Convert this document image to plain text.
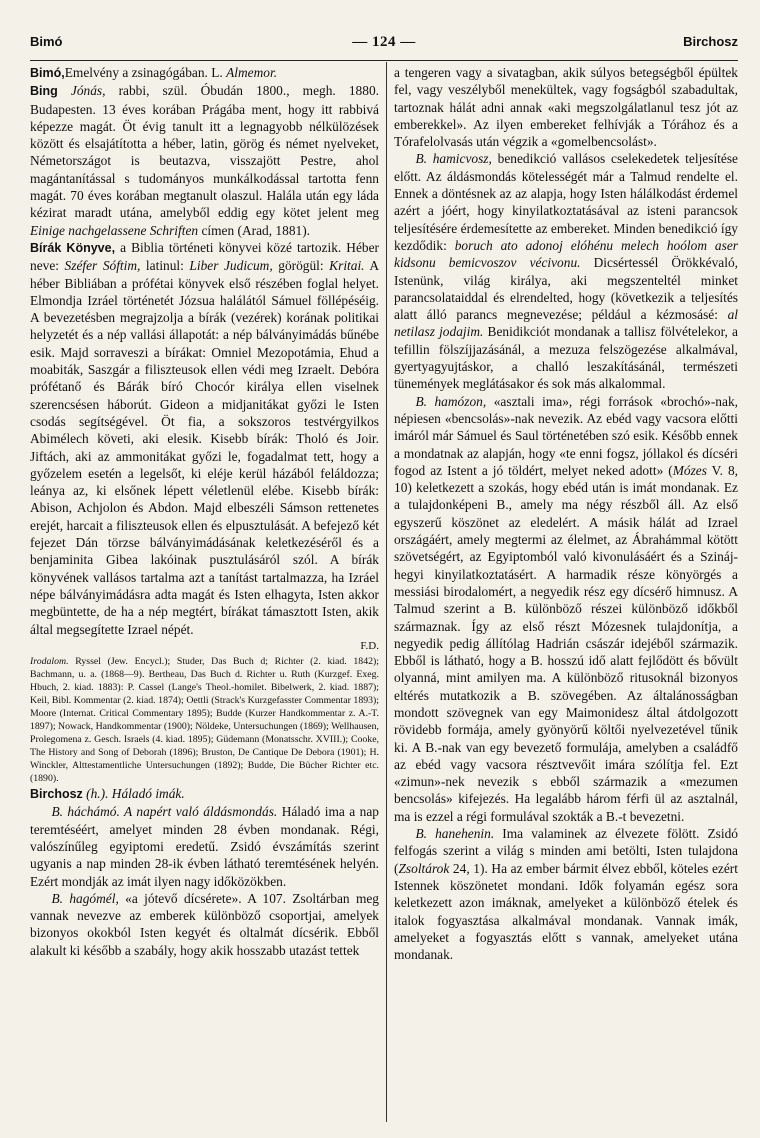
Bimó	— 124 —	Birchosz

Bimó,Emelvény a zsinagógában. L. Almemor.

Bing Jónás, rabbi, szül. Óbudán 1800., megh. 1880. Budapesten. 13 éves korában Prágába ment, hogy itt rabbivá képezze magát. Öt évig tanult itt a legnagyobb nélkülözések között és elsajátította a héber, latin, görög és német nyelveket, Németországot is beutazva, visszajött Pestre, ahol magántanítással s tudományos munkálkodással tartotta fenn magát. 70 éves korában megtanult olaszul. Halála után egy láda kézirat maradt utána, amelyből eddig egy kötet jelent meg Einige nachgelassene Schriften címen (Arad, 1881).

Bírák Könyve, a Biblia történeti könyvei közé tartozik. Héber neve: Széfer Sóftim, latinul: Liber Judicum, görögül: Kritai. A héber Bibliában a prófétai könyvek első részében foglal helyet. Elmondja Izráel történetét Józsua halálától Sámuel föllépéséig. A bevezetésben megrajzolja a bírák (vezérek) korának politikai helyzetét és a nép vallási állapotát: a nép bálványimádás bűnébe esik. Majd sorraveszi a bírákat: Omniel Mezopotámia, Ehud a moabiták, Saszgár a filiszteusok ellen védi meg Izraelt. Debóra prófétanő és Bárák bíró Chocór királya ellen viselnek szerencsésen háborút. Gideon a midjanitákat győzi le Isten csodás segítségével. Öt fia, a sokszoros testvérgyilkos Abimélech követi, aki elesik. Kisebb bírák: Tholó és Joir. Jiftách, aki az ammonitákat győzi le, fogadalmat tett, hogy a győzelem esetén a legelsőt, ki eléje kerül házából feláldozza; leánya az, ki elsőnek lépett véletlenül elébe. Kisebb bírák: Abison, Achjolon és Abdon. Majd elbeszéli Sámson rettenetes erejét, harcait a filiszteusok ellen és elpusztulását. A befejező két fejezet Dán törzse bálványimádásának keletkezéséről és a benjaminita Gibea lakóinak pusztulásáról szól. A bírák könyvének vallásos tartalma azt a tanítást tartalmazza, ha Izráel népe bálványimádásra adta magát és Isten elhagyta, Isten akkor megbüntette, de ha a nép megtért, bírákat támasztott Isten, akik által megsegítette Izrael népét.

F.D.

Irodalom. Ryssel (Jew. Encycl.); Studer, Das Buch d; Richter (2. kiad. 1842); Bachmann, u. a. (1868—9). Bertheau, Das Buch d. Richter u. Ruth (Kurzgef. Exeg. Hbuch, 2. kiad. 1883): P. Cassel (Lange's Theol.-homilet. Bibelwerk, 2. kiad. 1887); Keil, Bibl. Kommentar (2. kiad. 1874); Oettli (Strack's Kurzgefasster Commentar 1893); Moore (Internat. Critical Commentary 1895); Budde (Kurzer Handkommentar z. A.-T. 1897); Nowack, Handkommentar (1900); Nöldeke, Untersuchungen (1869); Wellhausen, Prolegomena z. Gesch. Israels (4. kiad. 1895); Güdemann (Monatsschr. XVIII.); Cooke, The History and Song of Deborah (1896); Bruston, De Cantique De Debora (1901); H. Winckler, Alttestamentliche Untersuchungen (1892); Budde, Die Bücher Richter etc. (1890).

Birchosz (h.). Háladó imák.

B. háchámó. A napért való áldásmondás. Háladó ima a nap teremtéséért, amelyet minden 28 évben mondanak. Régi, valószínűleg egyiptomi eredetű. Zsidó évszámítás szerint ugyanis a nap minden 28-ik évben látható teremtésének helyén. Ezért mondják az imát ilyen nagy időközökben.

B. hagómél, «a jótevő dícsérete». A 107. Zsoltárban meg vannak nevezve az emberek különböző csoportjai, amelyek bizonyos okokból Isten kegyét és oltalmát dícsérik. Ebből alakult ki később a szabály, hogy akik hosszabb utazást tettek

a tengeren vagy a sivatagban, akik súlyos betegségből épültek fel, vagy veszélyből menekültek, vagy fogságból szabadultak, tartoznak hálát adni annak «aki megszolgálatlanul tesz jót az emberekkel». Az ilyen embereket felhívják a Tórához és a Tórafelolvasás után végzik a «gomelbencsolást».

B. hamicvosz, benedikció vallásos cselekedetek teljesítése előtt. Az áldásmondás kötelességét már a Talmud rendelte el. Ennek a döntésnek az az alapja, hogy Isten hálálkodást érdemel azért a jóért, hogy kinyilatkoztatásával az isteni parancsok teljesítésére érdemesítette az embereket. Minden benedikció így kezdődik: boruch ato adonoj elóhénu melech hoólom aser kidsonu bemicvoszov vécivonu. Dicsértessél Örökkévaló, Istenünk, világ királya, aki megszenteltél minket parancsolataiddal és elrendelted, hogy (következik a teljesítés alatt álló parancs megnevezése; például a kézmosásé: al netilasz jodajim. Benidikciót mondanak a tallisz fölvételekor, a tefillin fölszíjjazásánál, a mezuza felszögezése alkalmával, gyertyagyujtáskor, a challó leszakításánál, természeti tünemények meglátásakor és sok más alkalommal.

B. hamózon, «asztali ima», régi források «brochó»-nak, népiesen «bencsolás»-nak nevezik. Az ebéd vagy vacsora előtti imáról már Sámuel és Saul történetében szó esik. Később ennek a mondatnak az alapján, hogy «te enni fogsz, jóllakol és dícséri fogod az Istent a jó töldért, melyet neked adott» (Mózes V. 8, 10) keletkezett a szokás, hogy ebéd után is imát mondanak. Ez a tulajdonképeni B., amely ma négy részből áll. Az első egyszerű köszönet az eledelért. A másik hálát ad Izrael országáért, amely megtermi az élelmet, az Ábrahámmal kötött szövetségért, az Egyiptomból való kivonulásáért és a Szináj-hegyi kinyilatkoztatásért. A harmadik része könyörgés a messiási birodalomért, a negyedik rész egy dícsérő himnusz. A Talmud szerint a B. különböző részei különböző időkből származnak. Így az első részt Mózesnek tulajdonítja, a negyedik pedig állítólag Hadrián császár idejéből származik. Ebből is látható, hogy a B. hosszú idő alatt fejlődött és bővült olyanná, mint amilyen ma. A különböző ritusoknál bizonyos eltérés mutatkozik a B. szövegében. Az általánosságban mondott szövegnek van egy Maimonidesz által átdolgozott rövidebb formája, amely gyönyörű költői nyelvezetével tűnik ki. A B.-nak van egy bevezető formulája, amelyben a családfő az ebéd vagy vacsora résztvevőit imára szólítja fel. Ezt «zimun»-nek nevezik s ebből származik a «mezumen bencsolás» kifejezés. Ha legalább három férfi ül az asztalnál, ma is ezzel a régi formulával szokták a B.-t bevezetni.

B. hanehenin. Ima valaminek az élvezete fölött. Zsidó felfogás szerint a világ s minden ami betölti, Isten tulajdona (Zsoltárok 24, 1). Ha az ember bármit élvez ebből, köteles ezért Istennek köszönetet mondani. Idők folyamán egész sora keletkezett azon imáknak, amelyeket a különböző ételek és italok fogyasztása alkalmával mondanak. Vannak imák, amelyeket a fogyasztás előtt s vannak, amelyeket utána mondanak.
